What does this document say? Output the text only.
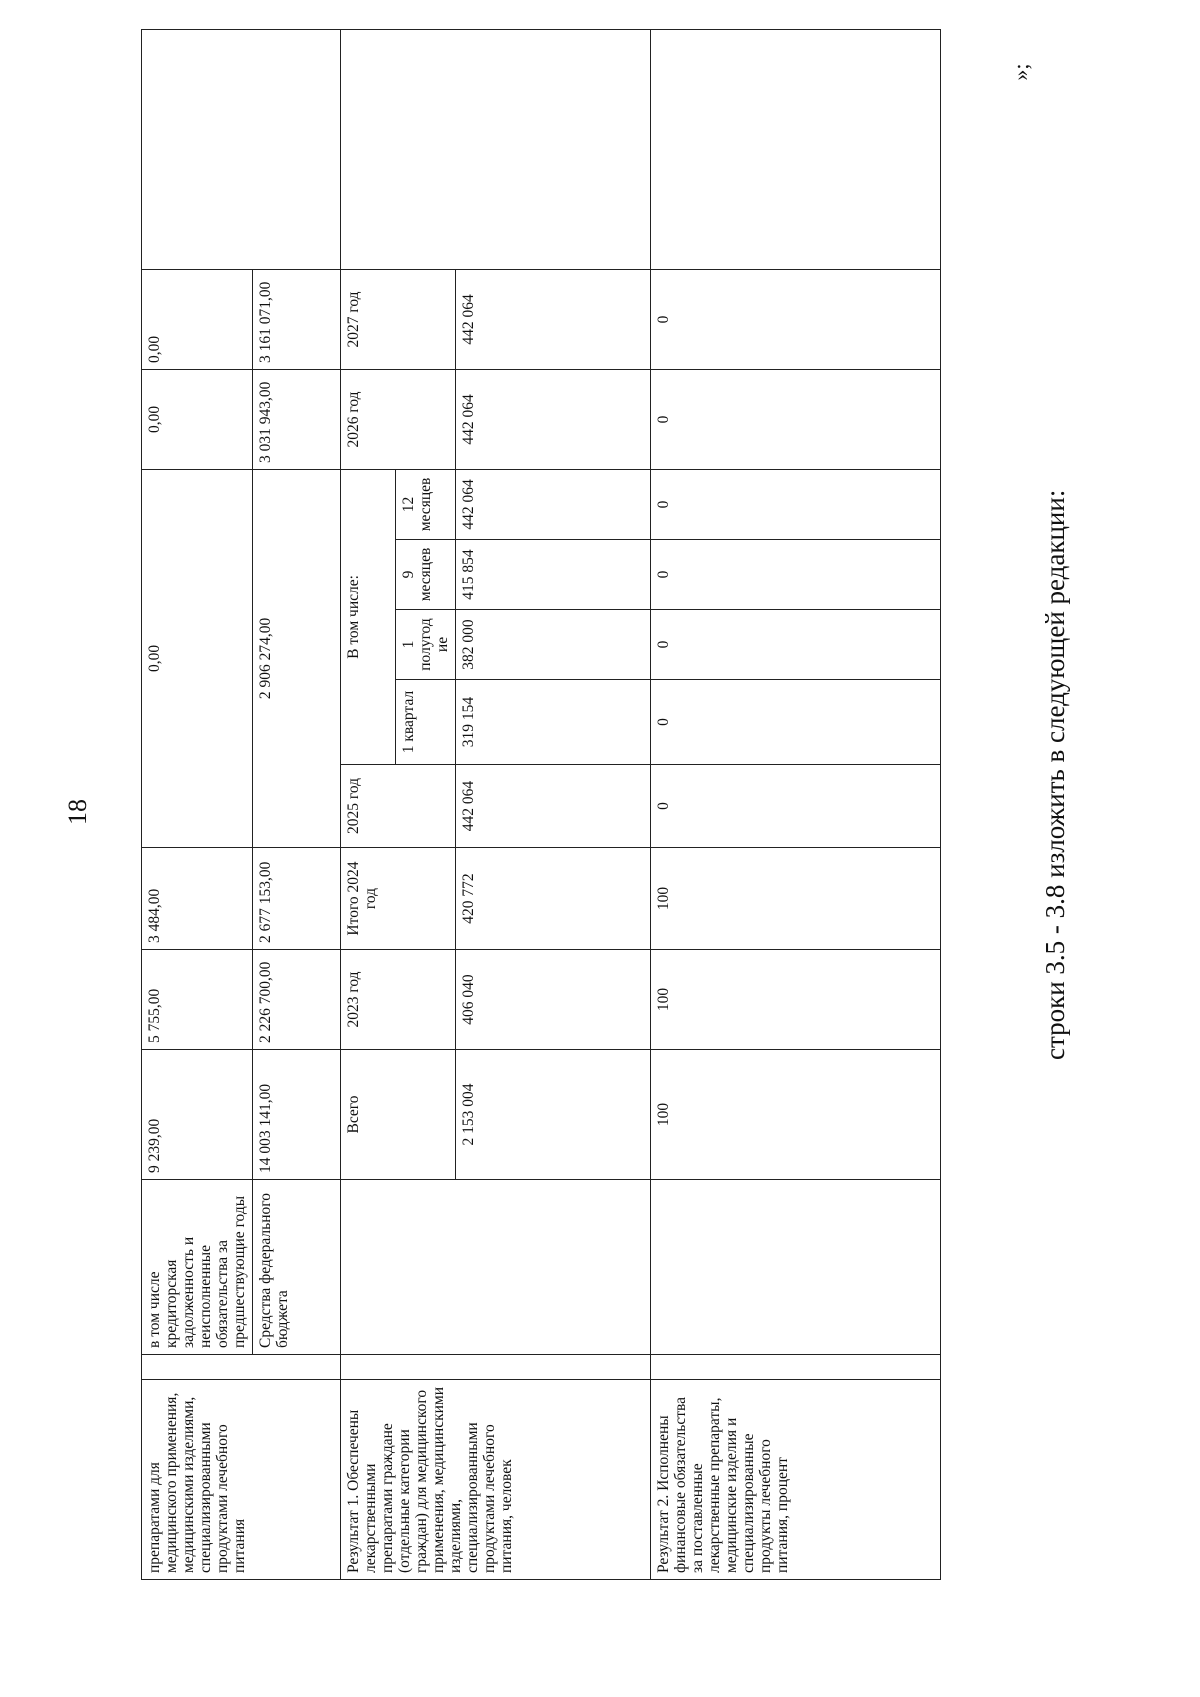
18
препаратами для медицинского применения, медицинскими изделиями, специализированными продуктами лечебного питания		в том числе кредиторская задолженность и неисполненные обязательства за предшествующие годы	9 239,00	5 755,00	3 484,00	0,00					0,00	0,00	
		Средства федерального бюджета	14 003 141,00	2 226 700,00	2 677 153,00	2 906 274,00					3 031 943,00	3 161 071,00	
Результат 1. Обеспечены лекарственными препаратами граждане (отдельные категории граждан) для медицинского применения, медицинскими изделиями, специализированными продуктами лечебного питания, человек			Всего	2023 год	Итого 2024 год	2025 год	В том числе:				2026 год	2027 год	
							1 квартал	1 полугодие	9 месяцев	12 месяцев			
			2 153 004	406 040	420 772	442 064	319 154	382 000	415 854	442 064	442 064	442 064	
Результат 2. Исполнены финансовые обязательства за поставленные лекарственные препараты, медицинские изделия и специализированные продукты лечебного питания, процент			100	100	100	0	0	0	0	0	0	0	
»;
строки 3.5 - 3.8 изложить в следующей редакции:
